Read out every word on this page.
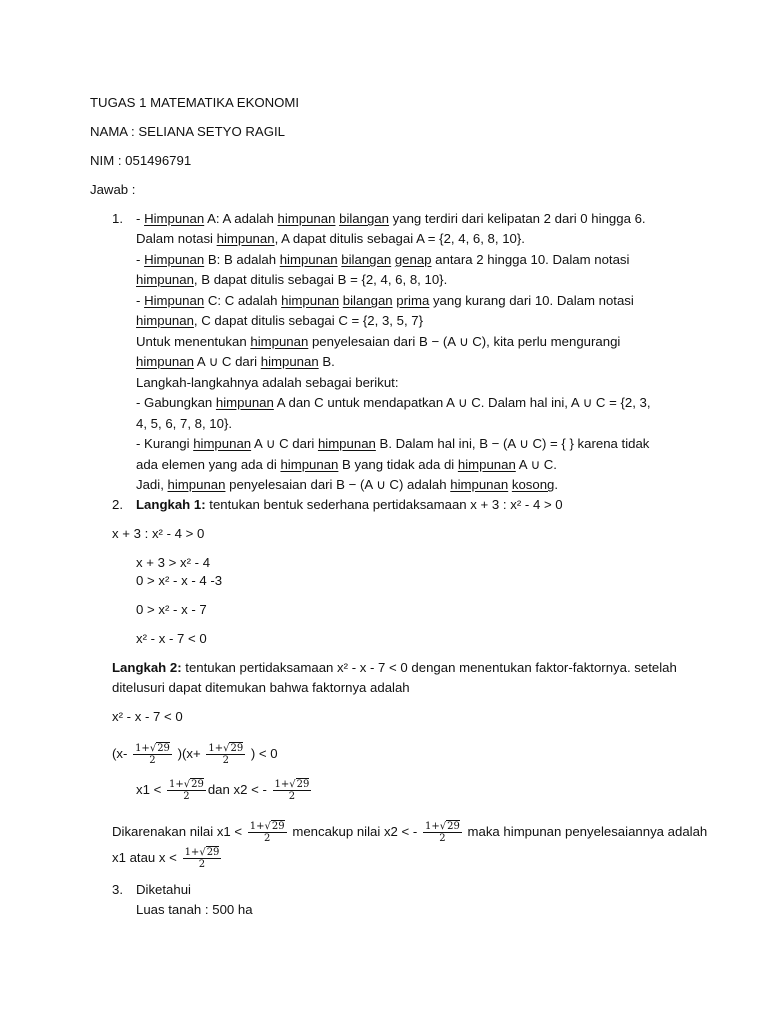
TUGAS 1 MATEMATIKA EKONOMI
NAMA : SELIANA SETYO RAGIL
NIM : 051496791
Jawab :
1. - Himpunan A: A adalah himpunan bilangan yang terdiri dari kelipatan 2 dari 0 hingga 6.
Dalam notasi himpunan, A dapat ditulis sebagai A = {2, 4, 6, 8, 10}.
- Himpunan B: B adalah himpunan bilangan genap antara 2 hingga 10. Dalam notasi
himpunan, B dapat ditulis sebagai B = {2, 4, 6, 8, 10}.
- Himpunan C: C adalah himpunan bilangan prima yang kurang dari 10. Dalam notasi
himpunan, C dapat ditulis sebagai C = {2, 3, 5, 7}
Untuk menentukan himpunan penyelesaian dari B − (A ∪ C), kita perlu mengurangi
himpunan A ∪ C dari himpunan B.
Langkah-langkahnya adalah sebagai berikut:
- Gabungkan himpunan A dan C untuk mendapatkan A ∪ C. Dalam hal ini, A ∪ C = {2, 3,
4, 5, 6, 7, 8, 10}.
- Kurangi himpunan A ∪ C dari himpunan B. Dalam hal ini, B − (A ∪ C) = { } karena tidak
ada elemen yang ada di himpunan B yang tidak ada di himpunan A ∪ C.
Jadi, himpunan penyelesaian dari B − (A ∪ C) adalah himpunan kosong.
2. Langkah 1: tentukan bentuk sederhana pertidaksamaan x + 3 : x² - 4 > 0
x + 3 : x² - 4 > 0
x + 3 > x² - 4
0 > x² - x - 4 -3
0 > x² - x - 7
x² - x - 7 < 0
Langkah 2: tentukan pertidaksamaan x² - x - 7 < 0 dengan menentukan faktor-faktornya. setelah
ditelusuri dapat ditemukan bahwa faktornya adalah
x² - x - 7 < 0
$(x- \frac{1+√29}{2} )(x+ \frac{1+√29}{2}$ ) < 0
$x1 < \frac{1+√29}{2}$ dan x2 < - $\frac{1+√29}{2}$
Dikarenakan nilai $x1 < \frac{1+√29}{2}$ mencakup nilai x2 < - $\frac{1+√29}{2}$ maka himpunan penyelesaiannya adalah
x1 atau $x < \frac{1+√29}{2}$
3. Diketahui
Luas tanah : 500 ha
